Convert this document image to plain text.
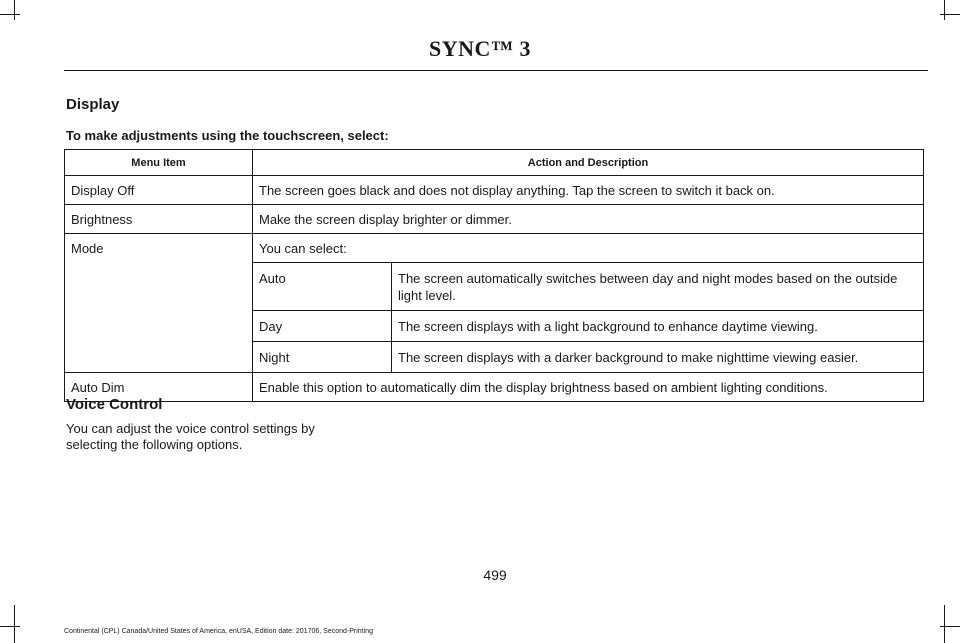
SYNC™ 3
Display
To make adjustments using the touchscreen, select:
Menu Item	Action and Description
Display Off	The screen goes black and does not display anything. Tap the screen to switch it back on.
Brightness	Make the screen display brighter or dimmer.
Mode	You can select:
Auto	The screen automatically switches between day and night modes based on the outside light level.
Day	The screen displays with a light background to enhance daytime viewing.
Night	The screen displays with a darker background to make nighttime viewing easier.

Auto Dim	Enable this option to automatically dim the display brightness based on ambient lighting conditions.
Voice Control
You can adjust the voice control settings by selecting the following options.
499
Continental (CPL) Canada/United States of America, enUSA, Edition date: 201706, Second-Printing
